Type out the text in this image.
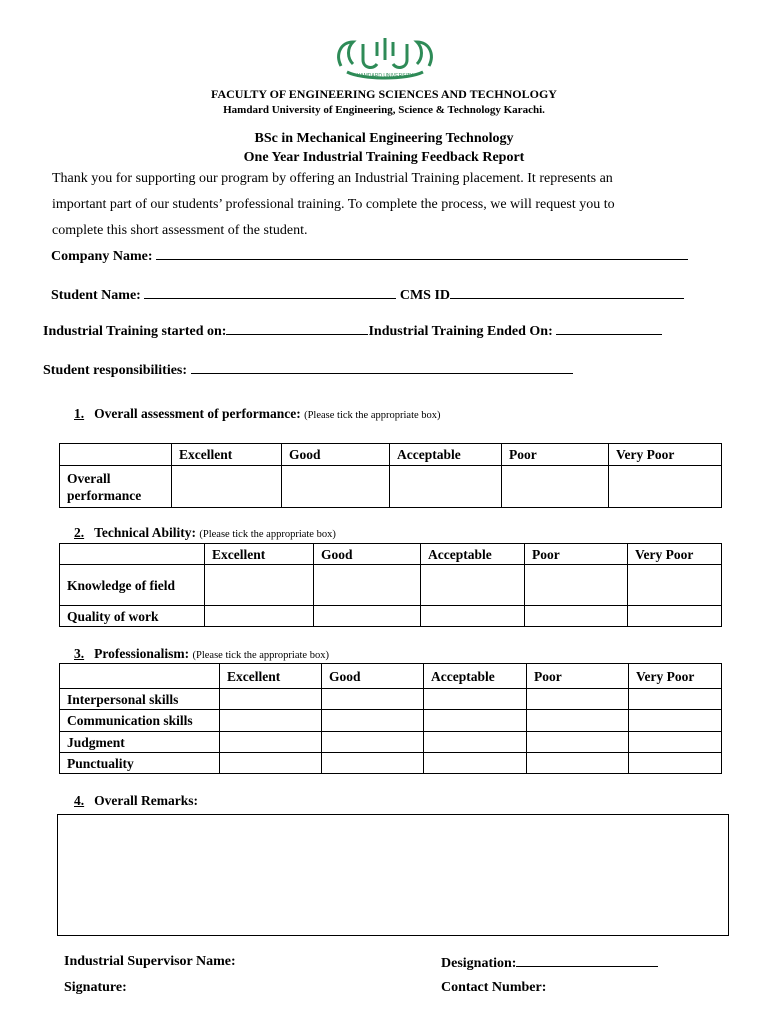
HAMDARD UNIVERSITY
FACULTY OF ENGINEERING SCIENCES AND TECHNOLOGY
Hamdard University of Engineering, Science & Technology Karachi.
BSc in Mechanical Engineering Technology
One Year Industrial Training Feedback Report
Thank you for supporting our program by offering an Industrial Training placement. It represents an
important part of our students’ professional training. To complete the process, we will request you to
complete this short assessment of the student.
Company Name:
Student Name:	CMS ID
Industrial Training started on:	Industrial Training Ended On:
Student responsibilities:
1. Overall assessment of performance: (Please tick the appropriate box)
	Excellent	Good	Acceptable	Poor	Very Poor
Overall performance					
2. Technical Ability: (Please tick the appropriate box)
	Excellent	Good	Acceptable	Poor	Very Poor
Knowledge of field					
Quality of work					
3. Professionalism: (Please tick the appropriate box)
	Excellent	Good	Acceptable	Poor	Very Poor
Interpersonal skills					
Communication skills					
Judgment					
Punctuality					
4. Overall Remarks:
Industrial Supervisor Name:	Designation:
Signature:	Contact Number:
